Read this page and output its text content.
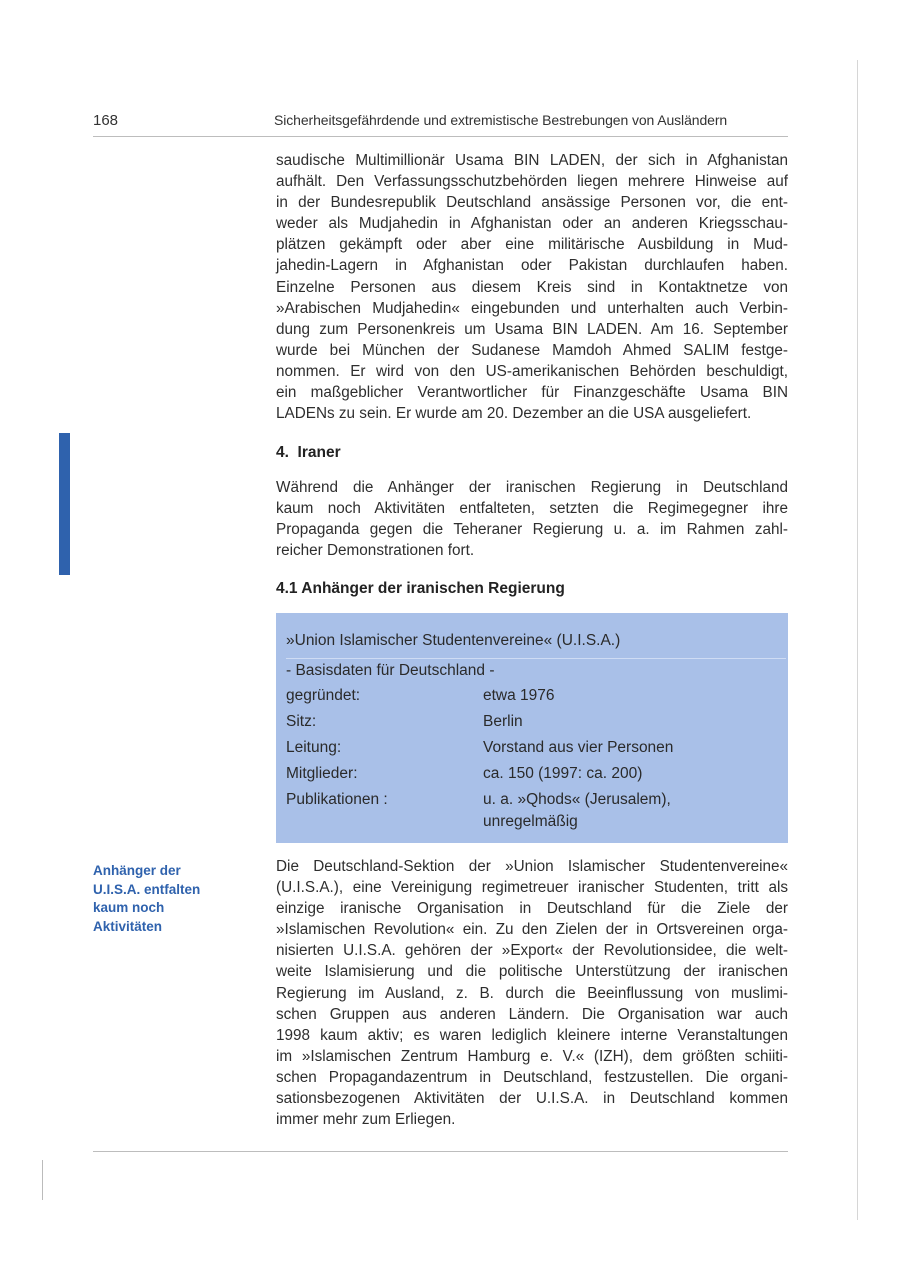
168	Sicherheitsgefährdende und extremistische Bestrebungen von Ausländern
saudische Multimillionär Usama BIN LADEN, der sich in Afghanistan
aufhält. Den Verfassungsschutzbehörden liegen mehrere Hinweise auf
in der Bundesrepublik Deutschland ansässige Personen vor, die ent-
weder als Mudjahedin in Afghanistan oder an anderen Kriegsschau-
plätzen gekämpft oder aber eine militärische Ausbildung in Mud-
jahedin-Lagern in Afghanistan oder Pakistan durchlaufen haben.
Einzelne Personen aus diesem Kreis sind in Kontaktnetze von
»Arabischen Mudjahedin« eingebunden und unterhalten auch Verbin-
dung zum Personenkreis um Usama BIN LADEN. Am 16. September
wurde bei München der Sudanese Mamdoh Ahmed SALIM festge-
nommen. Er wird von den US-amerikanischen Behörden beschuldigt,
ein maßgeblicher Verantwortlicher für Finanzgeschäfte Usama BIN
LADENs zu sein. Er wurde am 20. Dezember an die USA ausgeliefert.
4.  Iraner
Während die Anhänger der iranischen Regierung in Deutschland
kaum noch Aktivitäten entfalteten, setzten die Regimegegner ihre
Propaganda gegen die Teheraner Regierung u. a. im Rahmen zahl-
reicher Demonstrationen fort.
4.1 Anhänger der iranischen Regierung
»Union Islamischer Studentenvereine« (U.I.S.A.)
- Basisdaten für Deutschland -
gegründet:	etwa 1976
Sitz:	Berlin
Leitung:	Vorstand aus vier Personen
Mitglieder:	ca. 150 (1997: ca. 200)
Publikationen :	u. a. »Qhods« (Jerusalem),
unregelmäßig
Anhänger der
U.I.S.A. entfalten
kaum noch
Aktivitäten
Die Deutschland-Sektion der »Union Islamischer Studentenvereine«
(U.I.S.A.), eine Vereinigung regimetreuer iranischer Studenten, tritt als
einzige iranische Organisation in Deutschland für die Ziele der
»Islamischen Revolution« ein. Zu den Zielen der in Ortsvereinen orga-
nisierten U.I.S.A. gehören der »Export« der Revolutionsidee, die welt-
weite Islamisierung und die politische Unterstützung der iranischen
Regierung im Ausland, z. B. durch die Beeinflussung von muslimi-
schen Gruppen aus anderen Ländern. Die Organisation war auch
1998 kaum aktiv; es waren lediglich kleinere interne Veranstaltungen
im »Islamischen Zentrum Hamburg e. V.« (IZH), dem größten schiiti-
schen Propagandazentrum in Deutschland, festzustellen. Die organi-
sationsbezogenen Aktivitäten der U.I.S.A. in Deutschland kommen
immer mehr zum Erliegen.
